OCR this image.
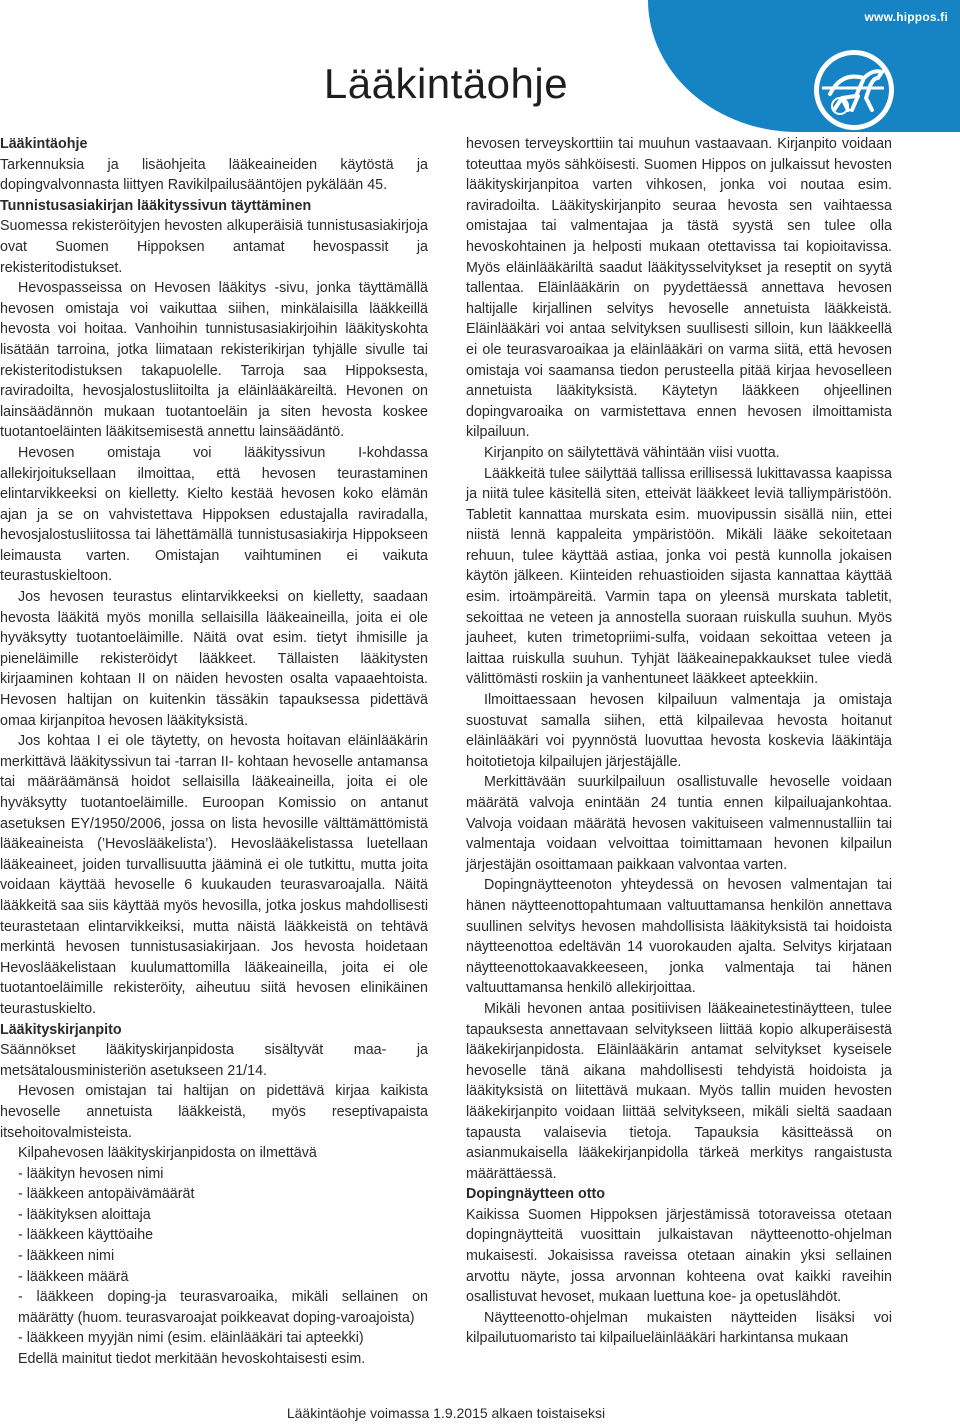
www.hippos.fi
Lääkintäohje
Lääkintäohje

Tarkennuksia ja lisäohjeita lääkeaineiden käytöstä ja dopingvalvonnasta liittyen Ravikilpailusääntöjen pykälään 45.

Tunnistusasiakirjan lääkityssivun täyttäminen

Suomessa rekisteröityjen hevosten alkuperäisiä tunnistusasiakirjoja ovat Suomen Hippoksen antamat hevospassit ja rekisteritodistukset.

Hevospasseissa on Hevosen lääkitys -sivu, jonka täyttämällä hevosen omistaja voi vaikuttaa siihen, minkälaisilla lääkkeillä hevosta voi hoitaa. Vanhoihin tunnistusasiakirjoihin lääkityskohta lisätään tarroina, jotka liimataan rekisterikirjan tyhjälle sivulle tai rekisteritodistuksen takapuolelle. Tarroja saa Hippoksesta, raviradoilta, hevosjalostusliitoilta ja eläinlääkäreiltä. Hevonen on lainsäädännön mukaan tuotantoeläin ja siten hevosta koskee tuotantoeläinten lääkitsemisestä annettu lainsäädäntö.

Hevosen omistaja voi lääkityssivun I-kohdassa allekirjoituksellaan ilmoittaa, että hevosen teurastaminen elintarvikkeeksi on kielletty. Kielto kestää hevosen koko elämän ajan ja se on vahvistettava Hippoksen edustajalla raviradalla, hevosjalostusliitossa tai lähettämällä tunnistusasiakirja Hippokseen leimausta varten. Omistajan vaihtuminen ei vaikuta teurastuskieltoon.

Jos hevosen teurastus elintarvikkeeksi on kielletty, saadaan hevosta lääkitä myös monilla sellaisilla lääkeaineilla, joita ei ole hyväksytty tuotantoeläimille. Näitä ovat esim. tietyt ihmisille ja pieneläimille rekisteröidyt lääkkeet. Tällaisten lääkitysten kirjaaminen kohtaan II on näiden hevosten osalta vapaaehtoista. Hevosen haltijan on kuitenkin tässäkin tapauksessa pidettävä omaa kirjanpitoa hevosen lääkityksistä.

Jos kohtaa I ei ole täytetty, on hevosta hoitavan eläinlääkärin merkittävä lääkityssivun tai -tarran II- kohtaan hevoselle antamansa tai määräämänsä hoidot sellaisilla lääkeaineilla, joita ei ole hyväksytty tuotantoeläimille. Euroopan Komissio on antanut asetuksen EY/1950/2006, jossa on lista hevosille välttämättömistä lääkeaineista (’Hevoslääkelista’). Hevoslääkelistassa luetellaan lääkeaineet, joiden turvallisuutta jääminä ei ole tutkittu, mutta joita voidaan käyttää hevoselle 6 kuukauden teurasvaroajalla. Näitä lääkkeitä saa siis käyttää myös hevosilla, jotka joskus mahdollisesti teurastetaan elintarvikkeiksi, mutta näistä lääkkeistä on tehtävä merkintä hevosen tunnistusasiakirjaan. Jos hevosta hoidetaan Hevoslääkelistaan kuulumattomilla lääkeaineilla, joita ei ole tuotantoeläimille rekisteröity, aiheutuu siitä hevosen elinikäinen teurastuskielto.

Lääkityskirjanpito

Säännökset lääkityskirjanpidosta sisältyvät maa- ja metsätalousministeriön asetukseen 21/14.

Hevosen omistajan tai haltijan on pidettävä kirjaa kaikista hevoselle annetuista lääkkeistä, myös reseptivapaista itsehoitovalmisteista.

Kilpahevosen lääkityskirjanpidosta on ilmettävä

- lääkityn hevosen nimi
- lääkkeen antopäivämäärät
- lääkityksen aloittaja
- lääkkeen käyttöaihe
- lääkkeen nimi
- lääkkeen määrä
- lääkkeen doping-ja teurasvaroaika, mikäli sellainen on määrätty (huom. teurasvaroajat poikkeavat doping-varoajoista)
- lääkkeen myyjän nimi (esim. eläinlääkäri tai apteekki)

Edellä mainitut tiedot merkitään hevoskohtaisesti esim.

hevosen terveyskorttiin tai muuhun vastaavaan. Kirjanpito voidaan toteuttaa myös sähköisesti. Suomen Hippos on julkaissut hevosten lääkityskirjanpitoa varten vihkosen, jonka voi noutaa esim. raviradoilta. Lääkityskirjanpito seuraa hevosta sen vaihtaessa omistajaa tai valmentajaa ja tästä syystä sen tulee olla hevoskohtainen ja helposti mukaan otettavissa tai kopioitavissa. Myös eläinlääkäriltä saadut lääkitysselvitykset ja reseptit on syytä tallentaa. Eläinlääkärin on pyydettäessä annettava hevosen haltijalle kirjallinen selvitys hevoselle annetuista lääkkeistä. Eläinlääkäri voi antaa selvityksen suullisesti silloin, kun lääkkeellä ei ole teurasvaroaikaa ja eläinlääkäri on varma siitä, että hevosen omistaja voi saamansa tiedon perusteella pitää kirjaa hevoselleen annetuista lääkityksistä. Käytetyn lääkkeen ohjeellinen dopingvaroaika on varmistettava ennen hevosen ilmoittamista kilpailuun.

Kirjanpito on säilytettävä vähintään viisi vuotta.

Lääkkeitä tulee säilyttää tallissa erillisessä lukittavassa kaapissa ja niitä tulee käsitellä siten, etteivät lääkkeet leviä talliympäristöön. Tabletit kannattaa murskata esim. muovipussin sisällä niin, ettei niistä lennä kappaleita ympäristöön. Mikäli lääke sekoitetaan rehuun, tulee käyttää astiaa, jonka voi pestä kunnolla jokaisen käytön jälkeen. Kiinteiden rehuastioiden sijasta kannattaa käyttää esim. irtoämpäreitä. Varmin tapa on yleensä murskata tabletit, sekoittaa ne veteen ja annostella suoraan ruiskulla suuhun. Myös jauheet, kuten trimetopriimi-sulfa, voidaan sekoittaa veteen ja laittaa ruiskulla suuhun. Tyhjät lääkeainepakkaukset tulee viedä välittömästi roskiin ja vanhentuneet lääkkeet apteekkiin.

Ilmoittaessaan hevosen kilpailuun valmentaja ja omistaja suostuvat samalla siihen, että kilpailevaa hevosta hoitanut eläinlääkäri voi pyynnöstä luovuttaa hevosta koskevia lääkintäja hoitotietoja kilpailujen järjestäjälle.

Merkittävään suurkilpailuun osallistuvalle hevoselle voidaan määrätä valvoja enintään 24 tuntia ennen kilpailuajankohtaa. Valvoja voidaan määrätä hevosen vakituiseen valmennustalliin tai valmentaja voidaan velvoittaa toimittamaan hevonen kilpailun järjestäjän osoittamaan paikkaan valvontaa varten.

Dopingnäytteenoton yhteydessä on hevosen valmentajan tai hänen näytteenottopahtumaan valtuuttamansa henkilön annettava suullinen selvitys hevosen mahdollisista lääkityksistä tai hoidoista näytteenottoa edeltävän 14 vuorokauden ajalta. Selvitys kirjataan näytteenottokaavakkeeseen, jonka valmentaja tai hänen valtuuttamansa henkilö allekirjoittaa.

Mikäli hevonen antaa positiivisen lääkeainetestinäytteen, tulee tapauksesta annettavaan selvitykseen liittää kopio alkuperäisestä lääkekirjanpidosta. Eläinlääkärin antamat selvitykset kyseisele hevoselle tänä aikana mahdollisesti tehdyistä hoidoista ja lääkityksistä on liitettävä mukaan. Myös tallin muiden hevosten lääkekirjanpito voidaan liittää selvitykseen, mikäli sieltä saadaan tapausta valaisevia tietoja. Tapauksia käsitteässä on asianmukaisella lääkekirjanpidolla tärkeä merkitys rangaistusta määrättäessä.

Dopingnäytteen otto

Kaikissa Suomen Hippoksen järjestämissä totoraveissa otetaan dopingnäytteitä vuosittain julkaistavan näytteenotto-ohjelman mukaisesti. Jokaisissa raveissa otetaan ainakin yksi sellainen arvottu näyte, jossa arvonnan kohteena ovat kaikki raveihin osallistuvat hevoset, mukaan luettuna koe- ja opetuslähdöt.

Näytteenotto-ohjelman mukaisten näytteiden lisäksi voi kilpailutuomaristo tai kilpailueläinlääkäri harkintansa mukaan

Lääkintäohje voimassa 1.9.2015 alkaen toistaiseksi
